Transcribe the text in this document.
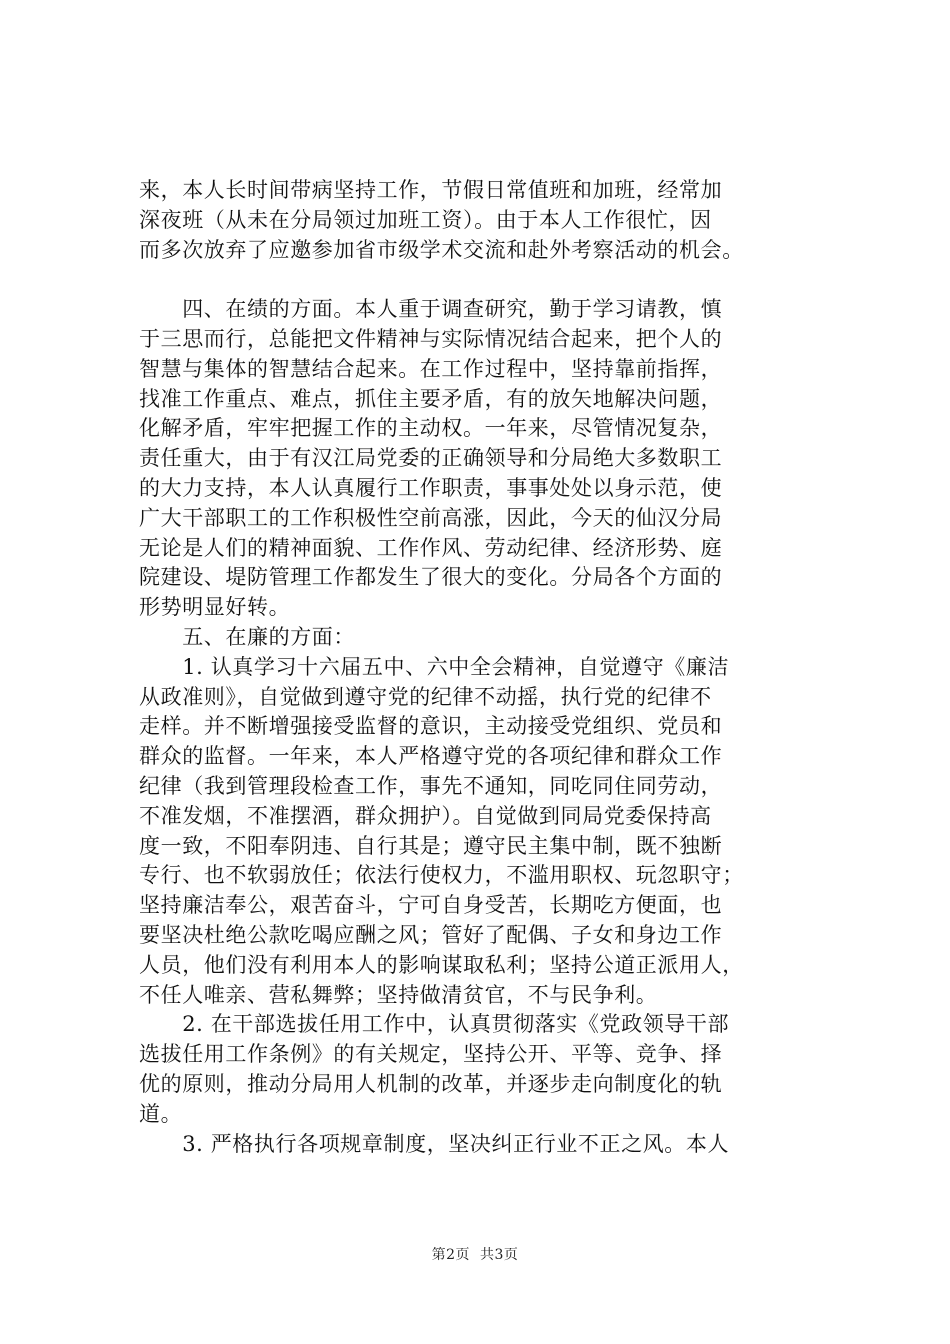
来，本人长时间带病坚持工作，节假日常值班和加班，经常加
深夜班（从未在分局领过加班工资）。由于本人工作很忙，因
而多次放弃了应邀参加省市级学术交流和赴外考察活动的机会。
　　四、在绩的方面。本人重于调查研究，勤于学习请教，慎
于三思而行，总能把文件精神与实际情况结合起来，把个人的
智慧与集体的智慧结合起来。在工作过程中，坚持靠前指挥，
找准工作重点、难点，抓住主要矛盾，有的放矢地解决问题，
化解矛盾，牢牢把握工作的主动权。一年来，尽管情况复杂，
责任重大，由于有汉江局党委的正确领导和分局绝大多数职工
的大力支持，本人认真履行工作职责，事事处处以身示范，使
广大干部职工的工作积极性空前高涨，因此，今天的仙汉分局
无论是人们的精神面貌、工作作风、劳动纪律、经济形势、庭
院建设、堤防管理工作都发生了很大的变化。分局各个方面的
形势明显好转。
　　五、在廉的方面：
　　1. 认真学习十六届五中、六中全会精神，自觉遵守《廉洁
从政准则》，自觉做到遵守党的纪律不动摇，执行党的纪律不
走样。并不断增强接受监督的意识，主动接受党组织、党员和
群众的监督。一年来，本人严格遵守党的各项纪律和群众工作
纪律（我到管理段检查工作，事先不通知，同吃同住同劳动，
不准发烟，不准摆酒，群众拥护）。自觉做到同局党委保持高
度一致，不阳奉阴违、自行其是；遵守民主集中制，既不独断
专行、也不软弱放任；依法行使权力，不滥用职权、玩忽职守；
坚持廉洁奉公，艰苦奋斗，宁可自身受苦，长期吃方便面，也
要坚决杜绝公款吃喝应酬之风；管好了配偶、子女和身边工作
人员，他们没有利用本人的影响谋取私利；坚持公道正派用人，
不任人唯亲、营私舞弊；坚持做清贫官，不与民争利。
　　2. 在干部选拔任用工作中，认真贯彻落实《党政领导干部
选拔任用工作条例》的有关规定，坚持公开、平等、竞争、择
优的原则，推动分局用人机制的改革，并逐步走向制度化的轨
道。
　　3. 严格执行各项规章制度，坚决纠正行业不正之风。本人
第2页  共3页
